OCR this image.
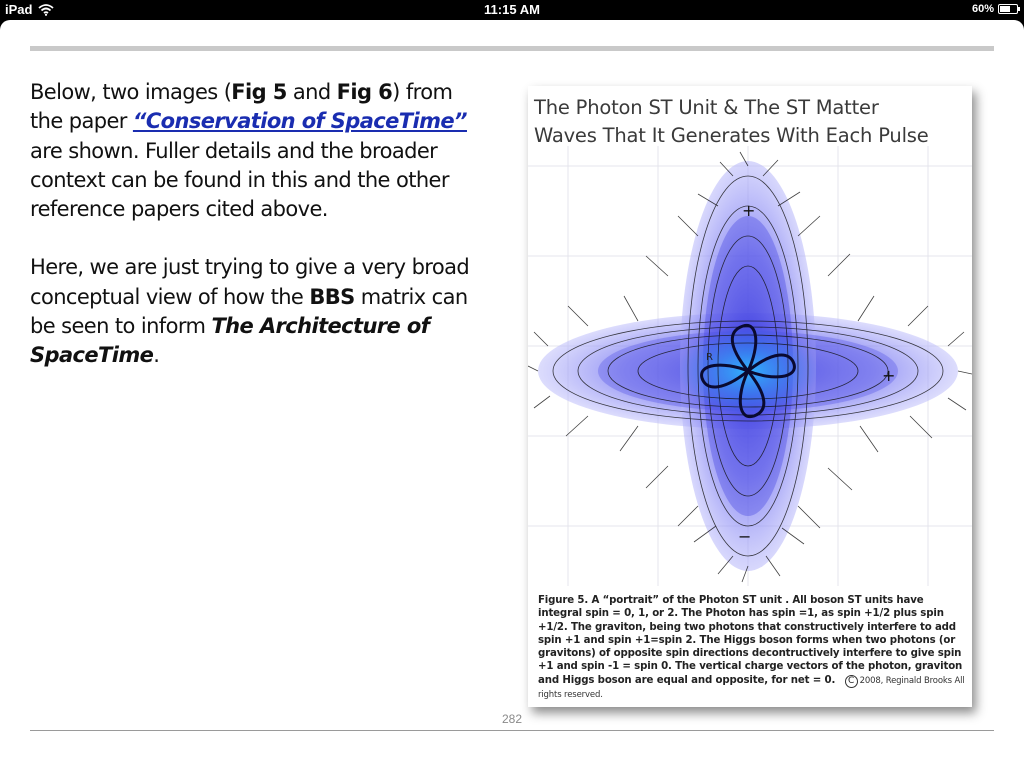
iPad	11:15 AM	60%

Below, two images (Fig 5 and Fig 6) from the paper “Conservation of SpaceTime” are shown. Fuller details and the broader context can be found in this and the other reference papers cited above.

Here, we are just trying to give a very broad conceptual view of how the BBS matrix can be seen to inform The Architecture of SpaceTime.

The Photon ST Unit & The ST Matter
Waves That It Generates With Each Pulse
+
+
−
R
Figure 5. A “portrait” of the Photon ST unit . All boson ST units have integral spin = 0, 1, or 2. The Photon has spin =1, as spin +1/2 plus spin +1/2. The graviton, being two photons that constructively interfere to add spin +1 and spin +1=spin 2. The Higgs boson forms when two photons (or gravitons) of opposite spin directions decontructively interfere to give spin +1 and spin -1 = spin 0. The vertical charge vectors of the photon, graviton and Higgs boson are equal and opposite, for net = 0. C 2008, Reginald Brooks All rights reserved.
282
